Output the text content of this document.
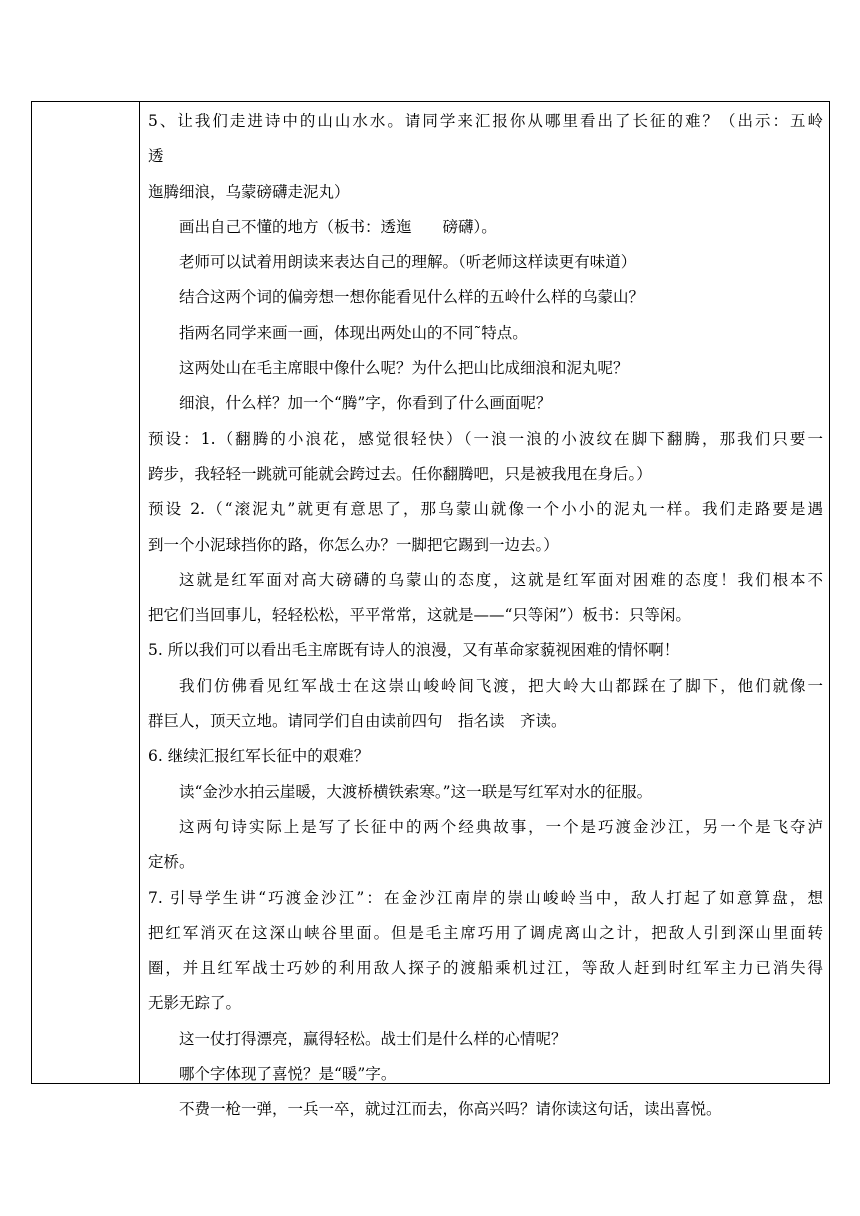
5、让我们走进诗中的山山水水。请同学来汇报你从哪里看出了长征的难？（出示：五岭

透

迤腾细浪，乌蒙磅礴走泥丸）

画出自己不懂的地方（板书：透迤　　磅礴）。

老师可以试着用朗读来表达自己的理解。（听老师这样读更有味道）

结合这两个词的偏旁想一想你能看见什么样的五岭什么样的乌蒙山？

指两名同学来画一画，体现出两处山的不同˜特点。

这两处山在毛主席眼中像什么呢？为什么把山比成细浪和泥丸呢？

细浪，什么样？加一个“腾”字，你看到了什么画面呢？

预设：1.（翻腾的小浪花，感觉很轻快）（一浪一浪的小波纹在脚下翻腾，那我们只要一

跨步，我轻轻一跳就可能就会跨过去。任你翻腾吧，只是被我甩在身后。）

预设 2.（“滚泥丸”就更有意思了，那乌蒙山就像一个小小的泥丸一样。我们走路要是遇

到一个小泥球挡你的路，你怎么办？一脚把它踢到一边去。）

这就是红军面对高大磅礴的乌蒙山的态度，这就是红军面对困难的态度！我们根本不

把它们当回事儿，轻轻松松，平平常常，这就是——“只等闲”）板书：只等闲。

5. 所以我们可以看出毛主席既有诗人的浪漫，又有革命家藐视困难的情怀啊！

我们仿佛看见红军战士在这崇山峻岭间飞渡，把大岭大山都踩在了脚下，他们就像一

群巨人，顶天立地。请同学们自由读前四句　指名读　齐读。

6. 继续汇报红军长征中的艰难？

读“金沙水拍云崖暖，大渡桥横铁索寒。”这一联是写红军对水的征服。

这两句诗实际上是写了长征中的两个经典故事，一个是巧渡金沙江，另一个是飞夺泸

定桥。

7. 引导学生讲“巧渡金沙江”：在金沙江南岸的崇山峻岭当中，敌人打起了如意算盘，想

把红军消灭在这深山峡谷里面。但是毛主席巧用了调虎离山之计，把敌人引到深山里面转

圈，并且红军战士巧妙的利用敌人探子的渡船乘机过江，等敌人赶到时红军主力已消失得

无影无踪了。

这一仗打得漂亮，赢得轻松。战士们是什么样的心情呢？

哪个字体现了喜悦？是“暖”字。

不费一枪一弹，一兵一卒，就过江而去，你高兴吗？请你读这句话，读出喜悦。
